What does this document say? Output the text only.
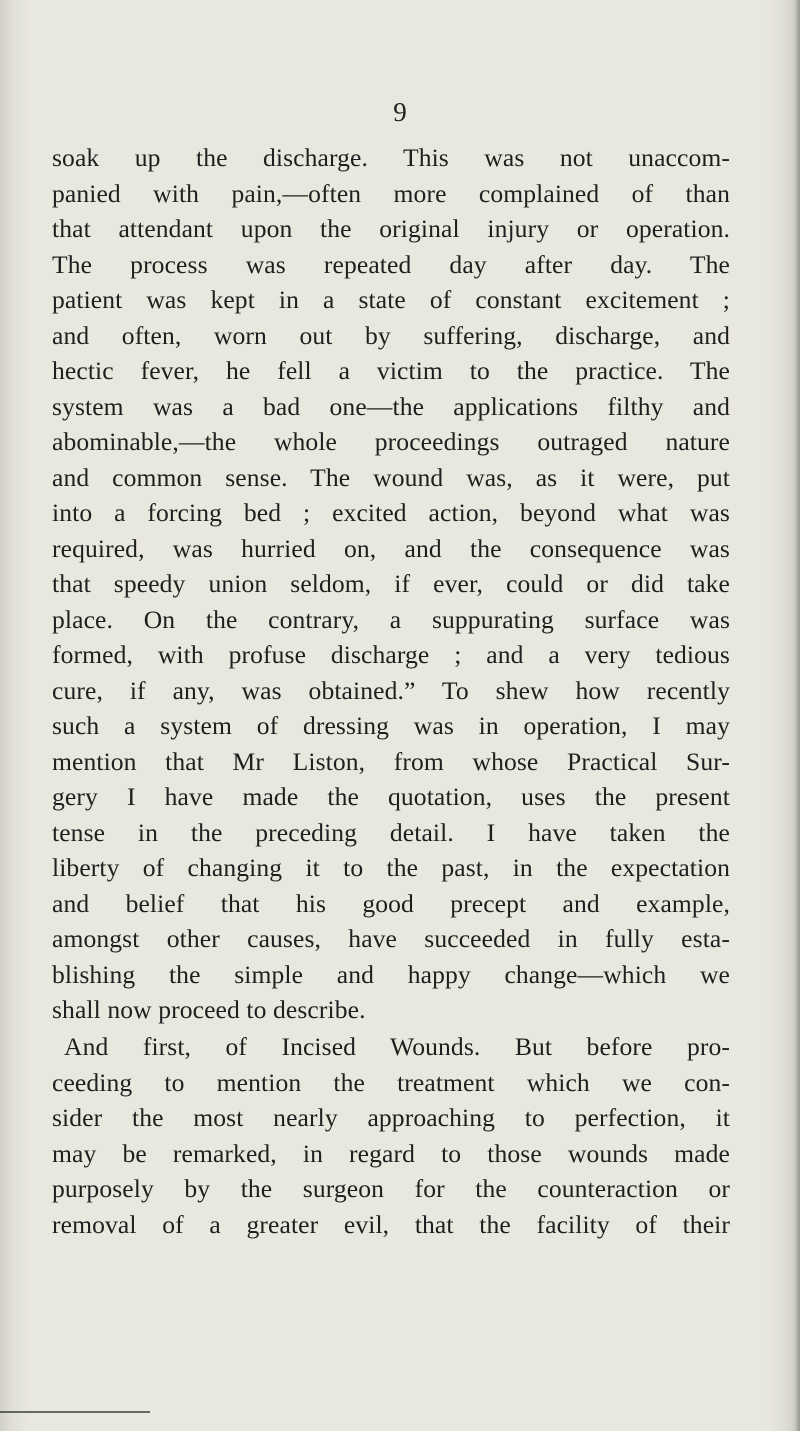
9
soak up the discharge. This was not unaccom-
panied with pain,—often more complained of than
that attendant upon the original injury or operation.
The process was repeated day after day. The
patient was kept in a state of constant excitement ;
and often, worn out by suffering, discharge, and
hectic fever, he fell a victim to the practice. The
system was a bad one—the applications filthy and
abominable,—the whole proceedings outraged nature
and common sense. The wound was, as it were, put
into a forcing bed ; excited action, beyond what was
required, was hurried on, and the consequence was
that speedy union seldom, if ever, could or did take
place. On the contrary, a suppurating surface was
formed, with profuse discharge ; and a very tedious
cure, if any, was obtained.” To shew how recently
such a system of dressing was in operation, I may
mention that Mr Liston, from whose Practical Sur-
gery I have made the quotation, uses the present
tense in the preceding detail. I have taken the
liberty of changing it to the past, in the expectation
and belief that his good precept and example,
amongst other causes, have succeeded in fully esta-
blishing the simple and happy change—which we
shall now proceed to describe.
And first, of Incised Wounds. But before pro-
ceeding to mention the treatment which we con-
sider the most nearly approaching to perfection, it
may be remarked, in regard to those wounds made
purposely by the surgeon for the counteraction or
removal of a greater evil, that the facility of their
